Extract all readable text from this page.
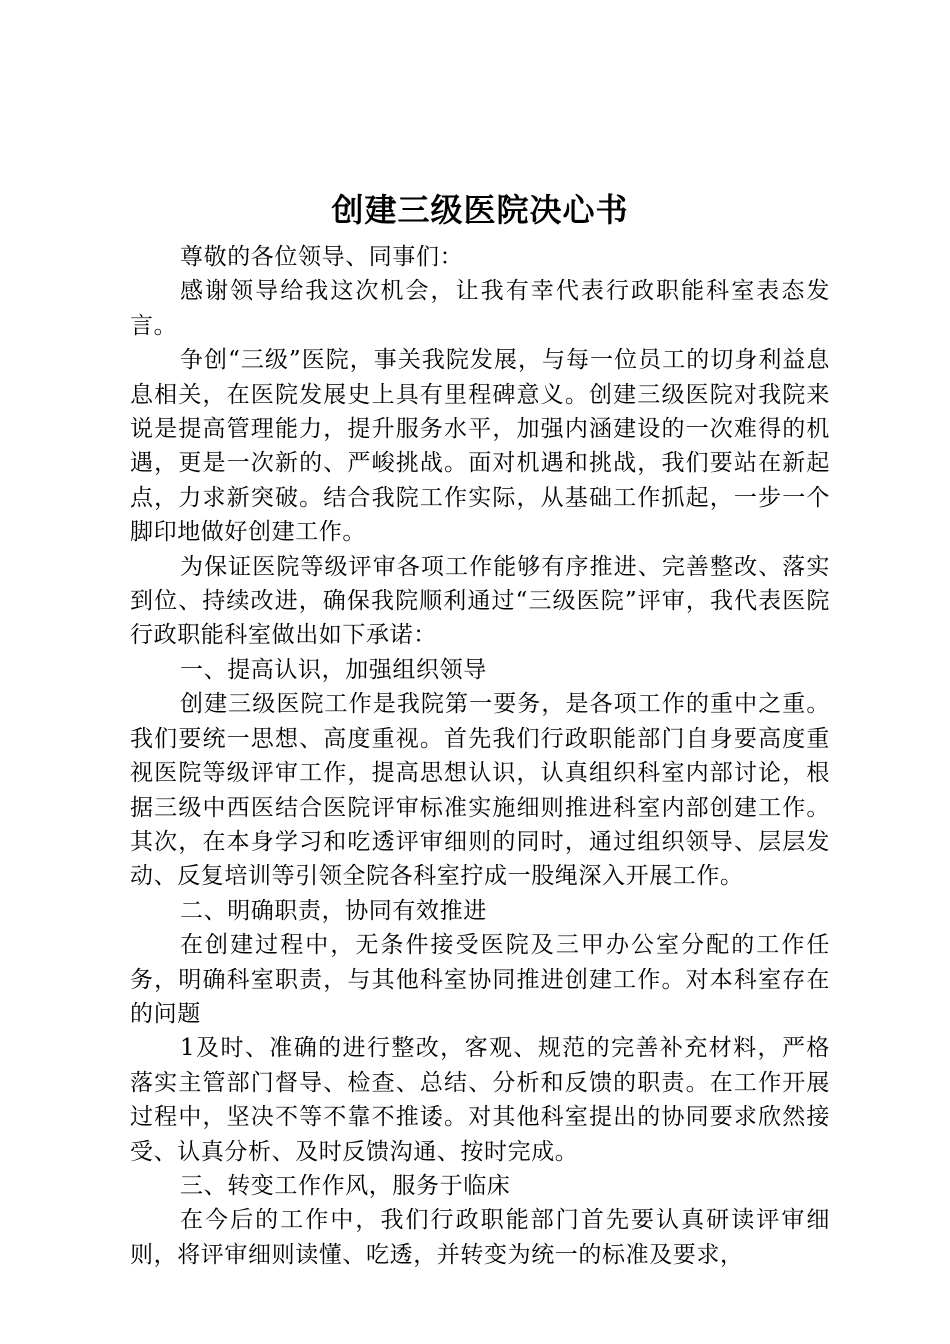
创建三级医院决心书

尊敬的各位领导、同事们：

感谢领导给我这次机会，让我有幸代表行政职能科室表态发言。

争创“三级”医院，事关我院发展，与每一位员工的切身利益息息相关，在医院发展史上具有里程碑意义。创建三级医院对我院来说是提高管理能力，提升服务水平，加强内涵建设的一次难得的机遇，更是一次新的、严峻挑战。面对机遇和挑战，我们要站在新起点，力求新突破。结合我院工作实际，从基础工作抓起，一步一个脚印地做好创建工作。

为保证医院等级评审各项工作能够有序推进、完善整改、落实到位、持续改进，确保我院顺利通过“三级医院”评审，我代表医院行政职能科室做出如下承诺：

一、提高认识，加强组织领导

创建三级医院工作是我院第一要务，是各项工作的重中之重。我们要统一思想、高度重视。首先我们行政职能部门自身要高度重视医院等级评审工作，提高思想认识，认真组织科室内部讨论，根据三级中西医结合医院评审标准实施细则推进科室内部创建工作。其次，在本身学习和吃透评审细则的同时，通过组织领导、层层发动、反复培训等引领全院各科室拧成一股绳深入开展工作。

二、明确职责，协同有效推进

在创建过程中，无条件接受医院及三甲办公室分配的工作任务，明确科室职责，与其他科室协同推进创建工作。对本科室存在的问题

1及时、准确的进行整改，客观、规范的完善补充材料，严格落实主管部门督导、检查、总结、分析和反馈的职责。在工作开展过程中，坚决不等不靠不推诿。对其他科室提出的协同要求欣然接受、认真分析、及时反馈沟通、按时完成。

三、转变工作作风，服务于临床

在今后的工作中，我们行政职能部门首先要认真研读评审细则，将评审细则读懂、吃透，并转变为统一的标准及要求，
